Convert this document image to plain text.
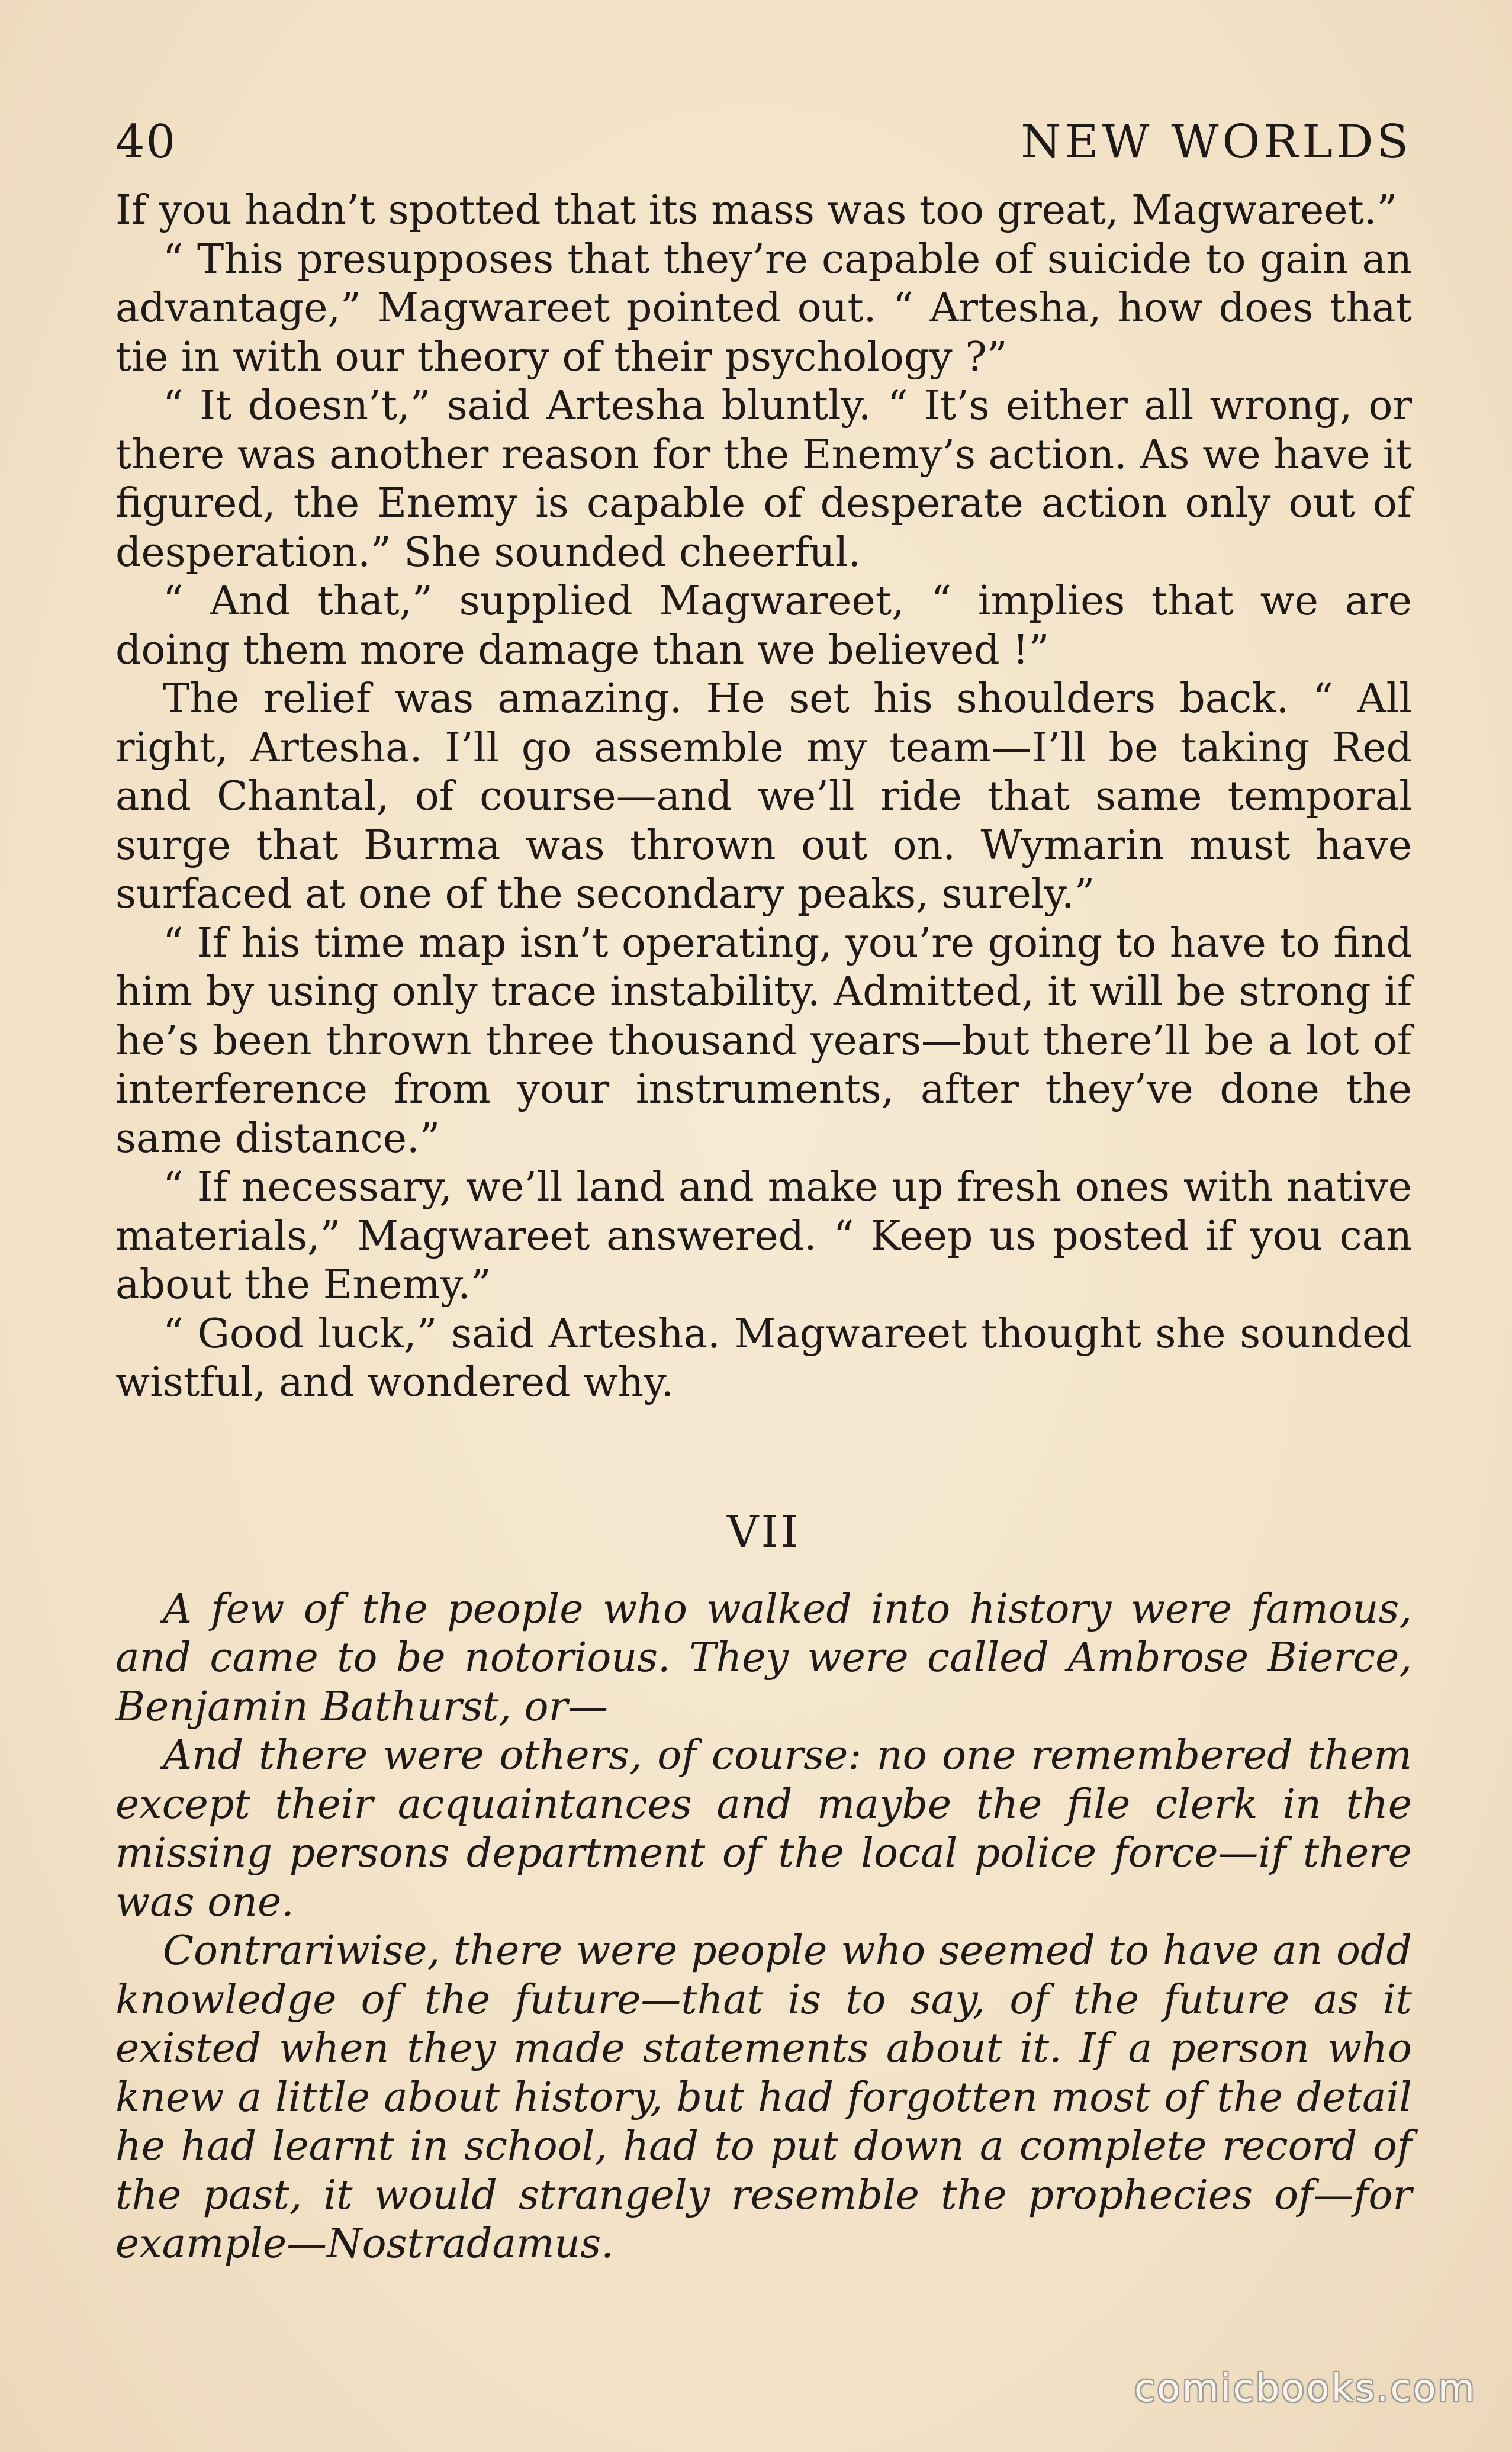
40	NEW WORLDS

If you hadn’t spotted that its mass was too great, Magwareet.”

“ This presupposes that they’re capable of suicide to gain an advantage,” Magwareet pointed out. “ Artesha, how does that tie in with our theory of their psychology ?”

“ It doesn’t,” said Artesha bluntly. “ It’s either all wrong, or there was another reason for the Enemy’s action. As we have it figured, the Enemy is capable of desperate action only out of desperation.” She sounded cheerful.

“ And that,” supplied Magwareet, “ implies that we are doing them more damage than we believed !”

The relief was amazing. He set his shoulders back. “ All right, Artesha. I’ll go assemble my team—I’ll be taking Red and Chantal, of course—and we’ll ride that same temporal surge that Burma was thrown out on. Wymarin must have surfaced at one of the secondary peaks, surely.”

“ If his time map isn’t operating, you’re going to have to find him by using only trace instability. Admitted, it will be strong if he’s been thrown three thousand years—but there’ll be a lot of interference from your instruments, after they’ve done the same distance.”

“ If necessary, we’ll land and make up fresh ones with native materials,” Magwareet answered. “ Keep us posted if you can about the Enemy.”

“ Good luck,” said Artesha. Magwareet thought she sounded wistful, and wondered why.

VII

A few of the people who walked into history were famous, and came to be notorious. They were called Ambrose Bierce, Benjamin Bathurst, or—

And there were others, of course: no one remembered them except their acquaintances and maybe the file clerk in the missing persons department of the local police force—if there was one.

Contrariwise, there were people who seemed to have an odd knowledge of the future—that is to say, of the future as it existed when they made statements about it. If a person who knew a little about history, but had forgotten most of the detail he had learnt in school, had to put down a complete record of the past, it would strangely resemble the prophecies of—for example—Nostradamus.

comicbooks.com
